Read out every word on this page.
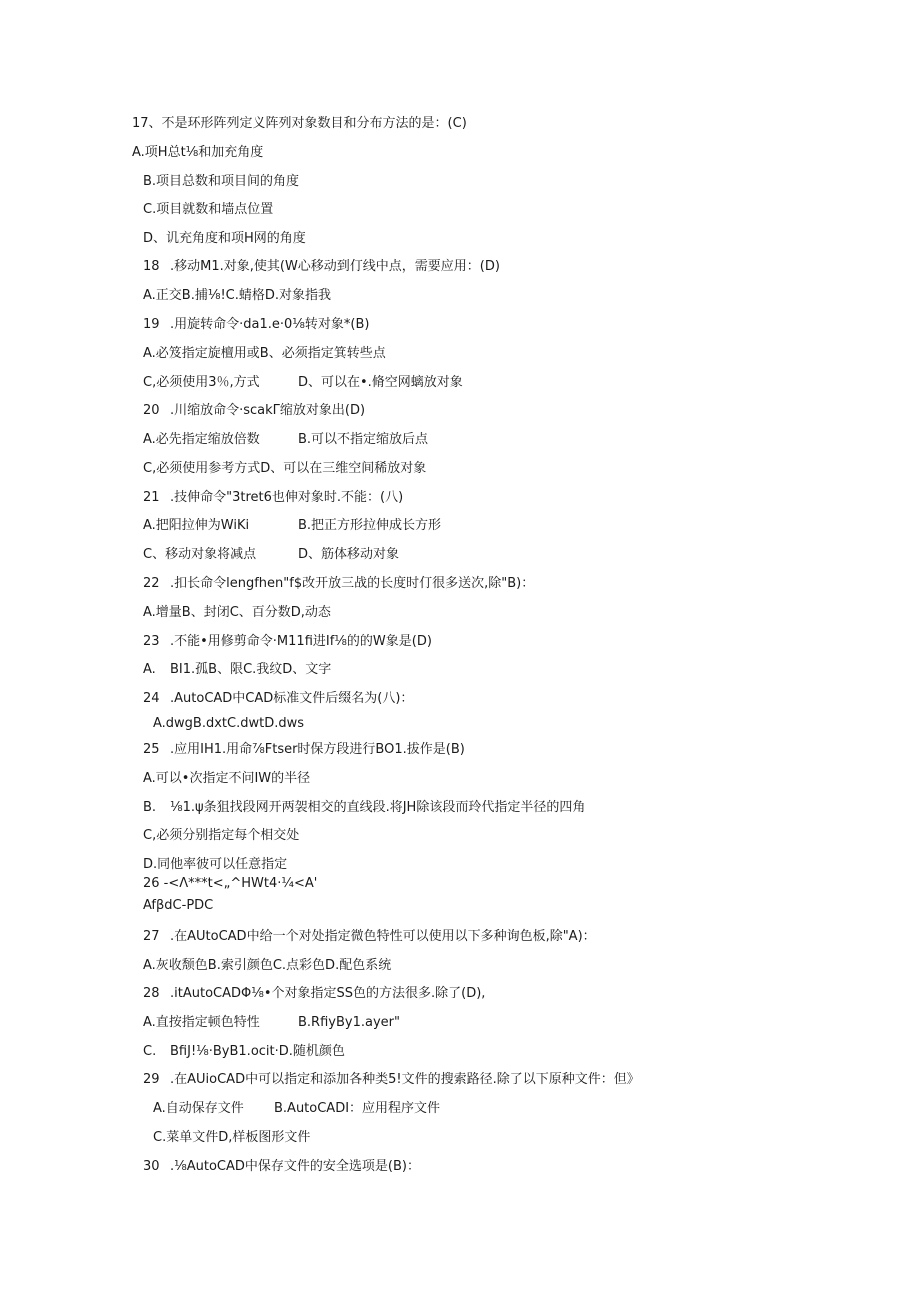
17、不是环形阵列定义阵列对象数目和分布方法的是：(C)
A.项H总t⅛和加充角度
B.项目总数和项目间的角度
C.项目就数和墙点位置
D、讥充角度和项H网的角度
18 .移动M1.对象,使其(W心移动到仃线中点，需要应用：(D)
A.正交B.捕⅛!C.蜻格D.对象指我
19 .用旋转命令·da1.e·0⅛转对象*(B)
A.必笈指定旋檀用或B、必须指定箕转些点
C,必须使用3％,方式	D、可以在•.脩空网螭放对象
20 .川缩放命令·scakΓ缩放对象出(D)
A.必先指定缩放倍数	B.可以不指定缩放后点
C,必须使用参考方式D、可以在三维空间稀放对象
21 .技伸命令"3tret6也伸对象时.不能：(八)
A.把阳拉伸为WiKi	B.把正方形拉伸成长方形
C、移动对象将减点	D、筋体移动对象
22 .扣长命令lengfhen"f$改开放三战的长度时仃很多送次,除"B)：
A.增量B、封闭C、百分数D,动态
23 .不能•用修剪命令·M11fi进If⅛的的W象是(D)
A. BI1.孤B、限C.我纹D、文字
24 .AutoCAD中CAD标准文件后缀名为(八)：
A.dwgB.dxtC.dwtD.dws
25 .应用IH1.用命⅞Ftser时保方段进行BO1.拔作是(B)
A.可以•次指定不问IW的半径
B. ⅛1.ψ条狙找段网开两袈相交的直线段.将JH除该段而玲代指定半径的四角
C,必须分别指定每个相交处
D.同他率彼可以任意指定
26 -<Λ***t<„^HWt4·¼<A'
AfβdC-PDC
27 .在AUtoCAD中给一个对处指定微色特性可以使用以下多种询色板,除"A)：
A.灰收颓色B.索引颜色C.点彩色D.配色系统
28 .itAutoCADΦ⅛•个对象指定SS色的方法很多.除了(D),
A.直按指定顿色特性	B.RfiyBy1.ayer"
C. BfiJ!⅛·ByB1.ocit·D.随机颜色
29 .在AUioCAD中可以指定和添加各种类5!文件的搜索路径.除了以下原种文件：但》
A.自动保存文件 B.AutoCADI：应用程序文件
C.菜单文件D,样板图形文件
30 .⅛AutoCAD中保存文件的安全选项是(B)：
